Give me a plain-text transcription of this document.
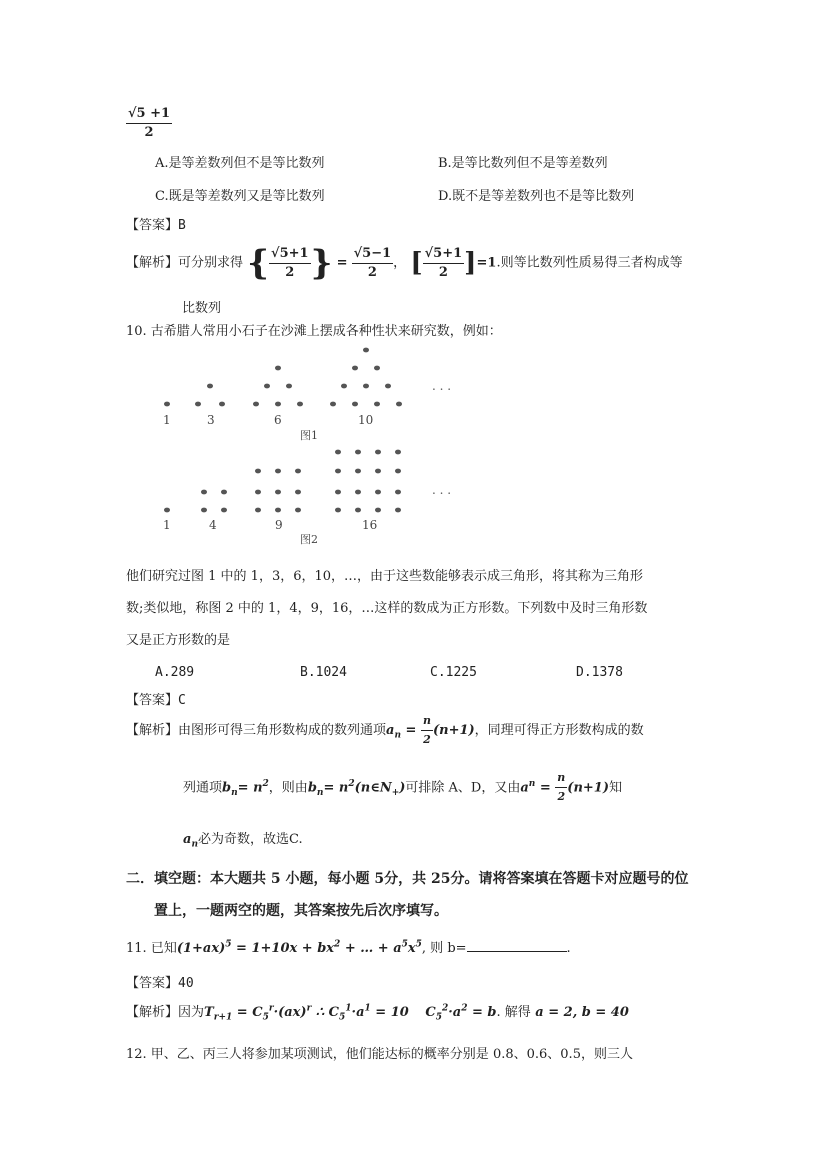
$\frac{√5 +1}{2}$
A.是等差数列但不是等比数列	B.是等比数列但不是等差数列
C.既是等差数列又是等比数列	D.既不是等差数列也不是等比数列
【答案】B
【解析】可分别求得 { $\frac{√5+1}{2}$ } = $\frac{√5-1}{2}$ ， [ $\frac{√5+1}{2} ]=1$.则等比数列性质易得三者构成等
比数列
10. 古希腊人常用小石子在沙滩上摆成各种性状来研究数，例如：
. . .
1	3	6	10
图1
. . .
1	4	9	16
图2
他们研究过图 1 中的 1，3，6，10，…，由于这些数能够表示成三角形，将其称为三角形
数;类似地，称图 2 中的 1，4，9，16，…这样的数成为正方形数。下列数中及时三角形数
又是正方形数的是
A.289	B.1024	C.1225	D.1378
【答案】C
【解析】由图形可得三角形数构成的数列通项$a_n = \frac{n}{2} (n+1)$，同理可得正方形数构成的数
列通项$b_n= n^2$，则由$b_n=$ $n^2(n\in N_+)$可排除 A、D，又由$a^n = \frac{n}{2} (n+1)$知
$a_n$必为奇数，故选C.
二．填空题：本大题共 5 小题，每小题 5分，共 25分。请将答案填在答题卡对应题号的位
置上，一题两空的题，其答案按先后次序填写。
11. 已知$(1+ax)^5 = 1+10x + bx^2$ + … + $a^5x^5$, 则 b=	.
【答案】40
【解析】因为$T_{r+1} = C_5^r\cdot(ax)^r$ ∴ $C_5^1\cdot a^1 = 10$ $C_5^2\cdot a^2 = b$. 解得 a = 2, b = 40
12. 甲、乙、丙三人将参加某项测试，他们能达标的概率分别是 0.8、0.6、0.5，则三人
